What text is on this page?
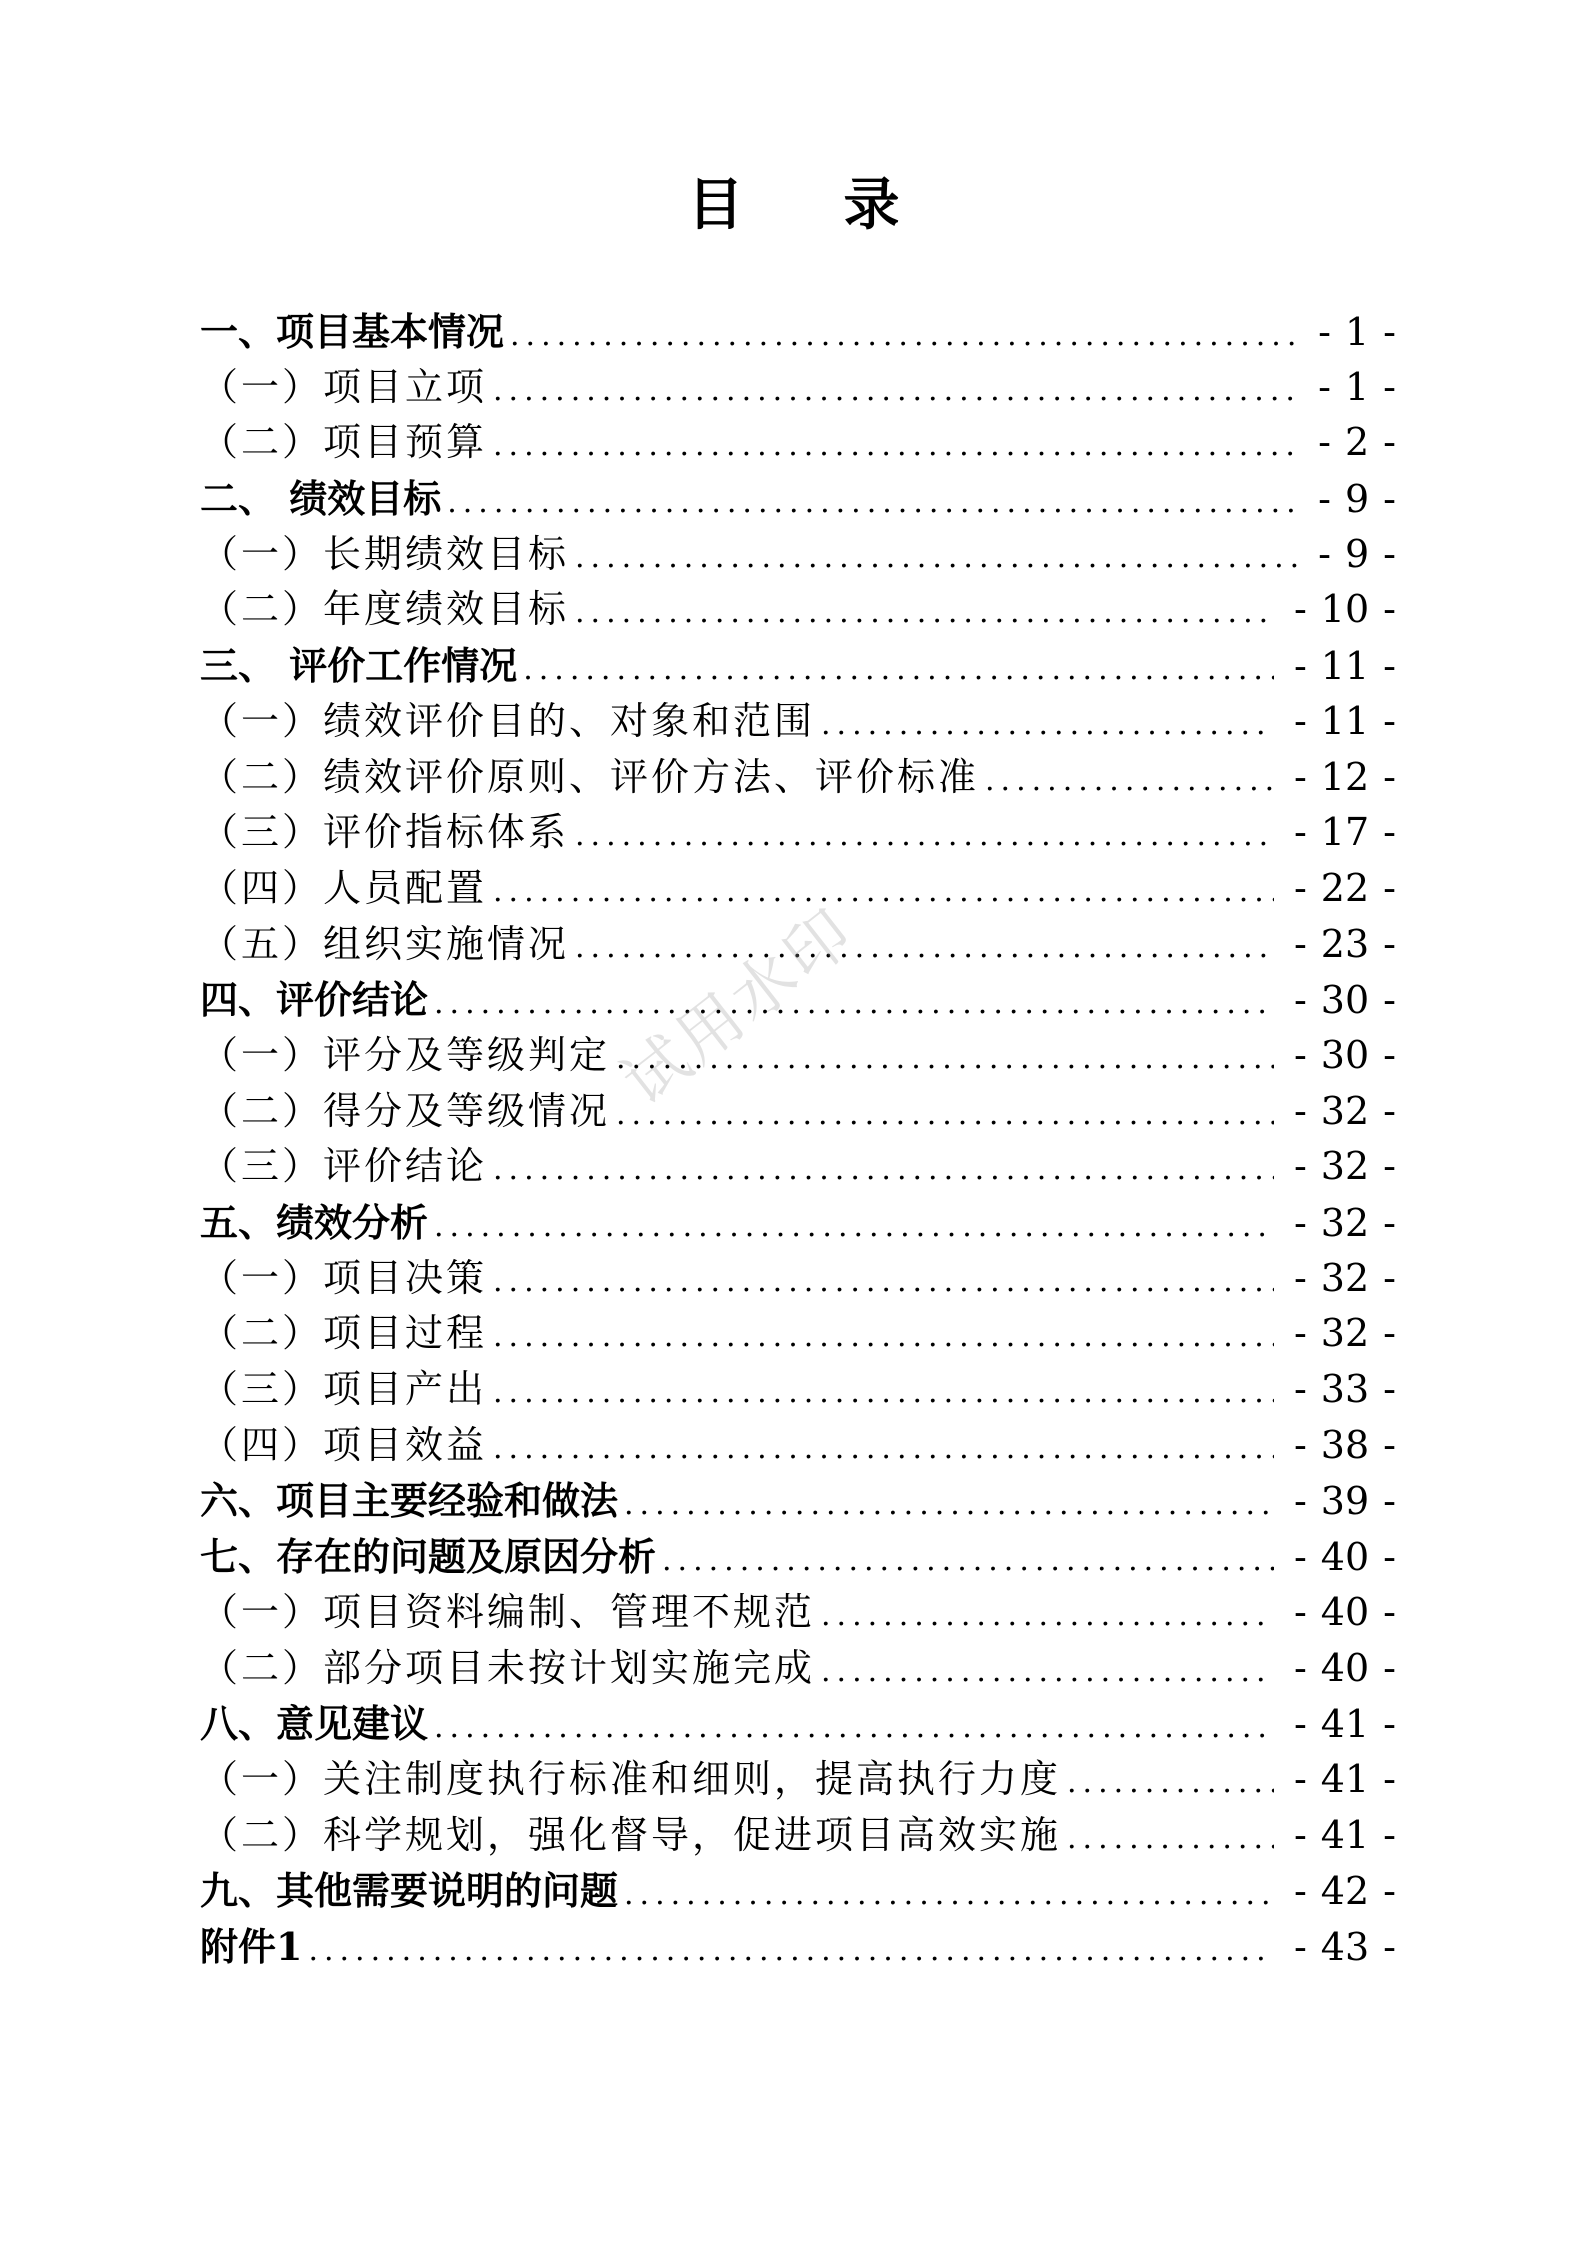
目 录
一、项目基本情况 .....	- 1 -
（一）项目立项 .....	- 1 -
（二）项目预算 .....	- 2 -
二、 绩效目标 .....	- 9 -
（一）长期绩效目标 .....	- 9 -
（二）年度绩效目标 .....	- 10 -
三、 评价工作情况 .....	- 11 -
（一）绩效评价目的、对象和范围 .....	- 11 -
（二）绩效评价原则、评价方法、评价标准 .....	- 12 -
（三）评价指标体系 .....	- 17 -
（四）人员配置 .....	- 22 -
（五）组织实施情况 .....	- 23 -
四、评价结论 .....	- 30 -
（一）评分及等级判定 .....	- 30 -
（二）得分及等级情况 .....	- 32 -
（三）评价结论 .....	- 32 -
五、绩效分析 .....	- 32 -
（一）项目决策 .....	- 32 -
（二）项目过程 .....	- 32 -
（三）项目产出 .....	- 33 -
（四）项目效益 .....	- 38 -
六、项目主要经验和做法 .....	- 39 -
七、存在的问题及原因分析 .....	- 40 -
（一）项目资料编制、管理不规范 .....	- 40 -
（二）部分项目未按计划实施完成 .....	- 40 -
八、意见建议 .....	- 41 -
（一）关注制度执行标准和细则，提高执行力度 .....	- 41 -
（二）科学规划，强化督导，促进项目高效实施 .....	- 41 -
九、其他需要说明的问题 .....	- 42 -
附件1 .....	- 43 -
试用水印
